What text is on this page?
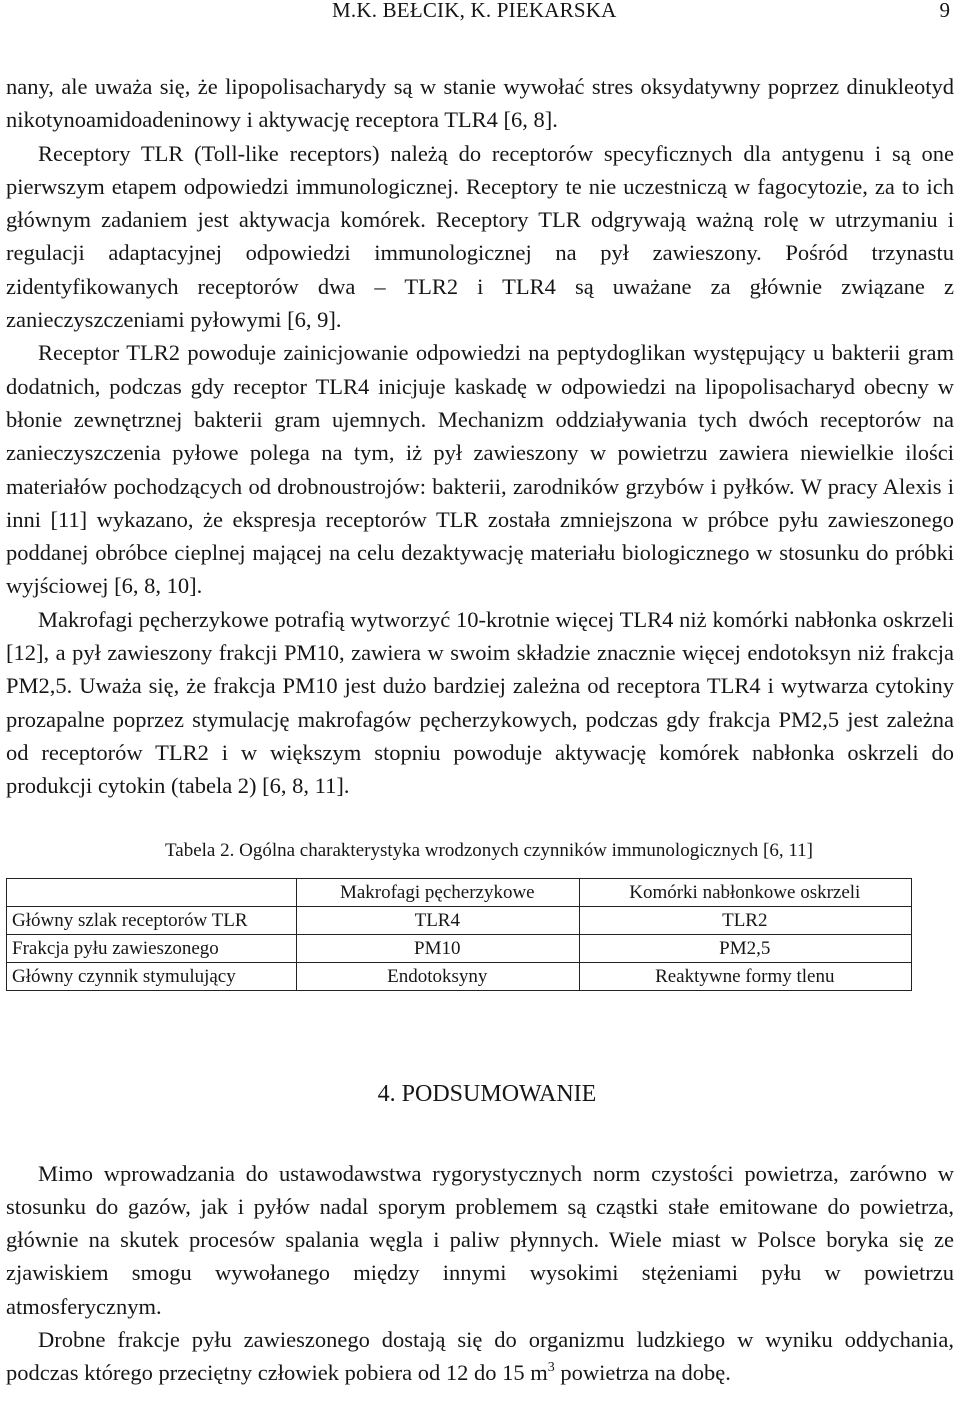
M.K. BEŁCIK, K. PIEKARSKA	9

nany, ale uważa się, że lipopolisacharydy są w stanie wywołać stres oksydatywny poprzez dinukleotyd nikotynoamidoadeninowy i aktywację receptora TLR4 [6, 8].

Receptory TLR (Toll-like receptors) należą do receptorów specyficznych dla antygenu i są one pierwszym etapem odpowiedzi immunologicznej. Receptory te nie uczestniczą w fagocytozie, za to ich głównym zadaniem jest aktywacja komórek. Receptory TLR odgrywają ważną rolę w utrzymaniu i regulacji adaptacyjnej odpowiedzi immunologicznej na pył zawieszony. Pośród trzynastu zidentyfikowanych receptorów dwa – TLR2 i TLR4 są uważane za głównie związane z zanieczyszczeniami pyłowymi [6, 9].

Receptor TLR2 powoduje zainicjowanie odpowiedzi na peptydoglikan występujący u bakterii gram dodatnich, podczas gdy receptor TLR4 inicjuje kaskadę w odpowiedzi na lipopolisacharyd obecny w błonie zewnętrznej bakterii gram ujemnych. Mechanizm oddziaływania tych dwóch receptorów na zanieczyszczenia pyłowe polega na tym, iż pył zawieszony w powietrzu zawiera niewielkie ilości materiałów pochodzących od drobnoustrojów: bakterii, zarodników grzybów i pyłków. W pracy Alexis i inni [11] wykazano, że ekspresja receptorów TLR została zmniejszona w próbce pyłu zawieszonego poddanej obróbce cieplnej mającej na celu dezaktywację materiału biologicznego w stosunku do próbki wyjściowej [6, 8, 10].

Makrofagi pęcherzykowe potrafią wytworzyć 10-krotnie więcej TLR4 niż komórki nabłonka oskrzeli [12], a pył zawieszony frakcji PM10, zawiera w swoim składzie znacznie więcej endotoksyn niż frakcja PM2,5. Uważa się, że frakcja PM10 jest dużo bardziej zależna od receptora TLR4 i wytwarza cytokiny prozapalne poprzez stymulację makrofagów pęcherzykowych, podczas gdy frakcja PM2,5 jest zależna od receptorów TLR2 i w większym stopniu powoduje aktywację komórek nabłonka oskrzeli do produkcji cytokin (tabela 2) [6, 8, 11].

Tabela 2. Ogólna charakterystyka wrodzonych czynników immunologicznych [6, 11]
	Makrofagi pęcherzykowe	Komórki nabłonkowe oskrzeli
Główny szlak receptorów TLR	TLR4	TLR2
Frakcja pyłu zawieszonego	PM10	PM2,5
Główny czynnik stymulujący	Endotoksyny	Reaktywne formy tlenu
4. PODSUMOWANIE

Mimo wprowadzania do ustawodawstwa rygorystycznych norm czystości powietrza, zarówno w stosunku do gazów, jak i pyłów nadal sporym problemem są cząstki stałe emitowane do powietrza, głównie na skutek procesów spalania węgla i paliw płynnych. Wiele miast w Polsce boryka się ze zjawiskiem smogu wywołanego między innymi wysokimi stężeniami pyłu w powietrzu atmosferycznym.

Drobne frakcje pyłu zawieszonego dostają się do organizmu ludzkiego w wyniku oddychania, podczas którego przeciętny człowiek pobiera od 12 do 15 $m^3$ powietrza na dobę.
